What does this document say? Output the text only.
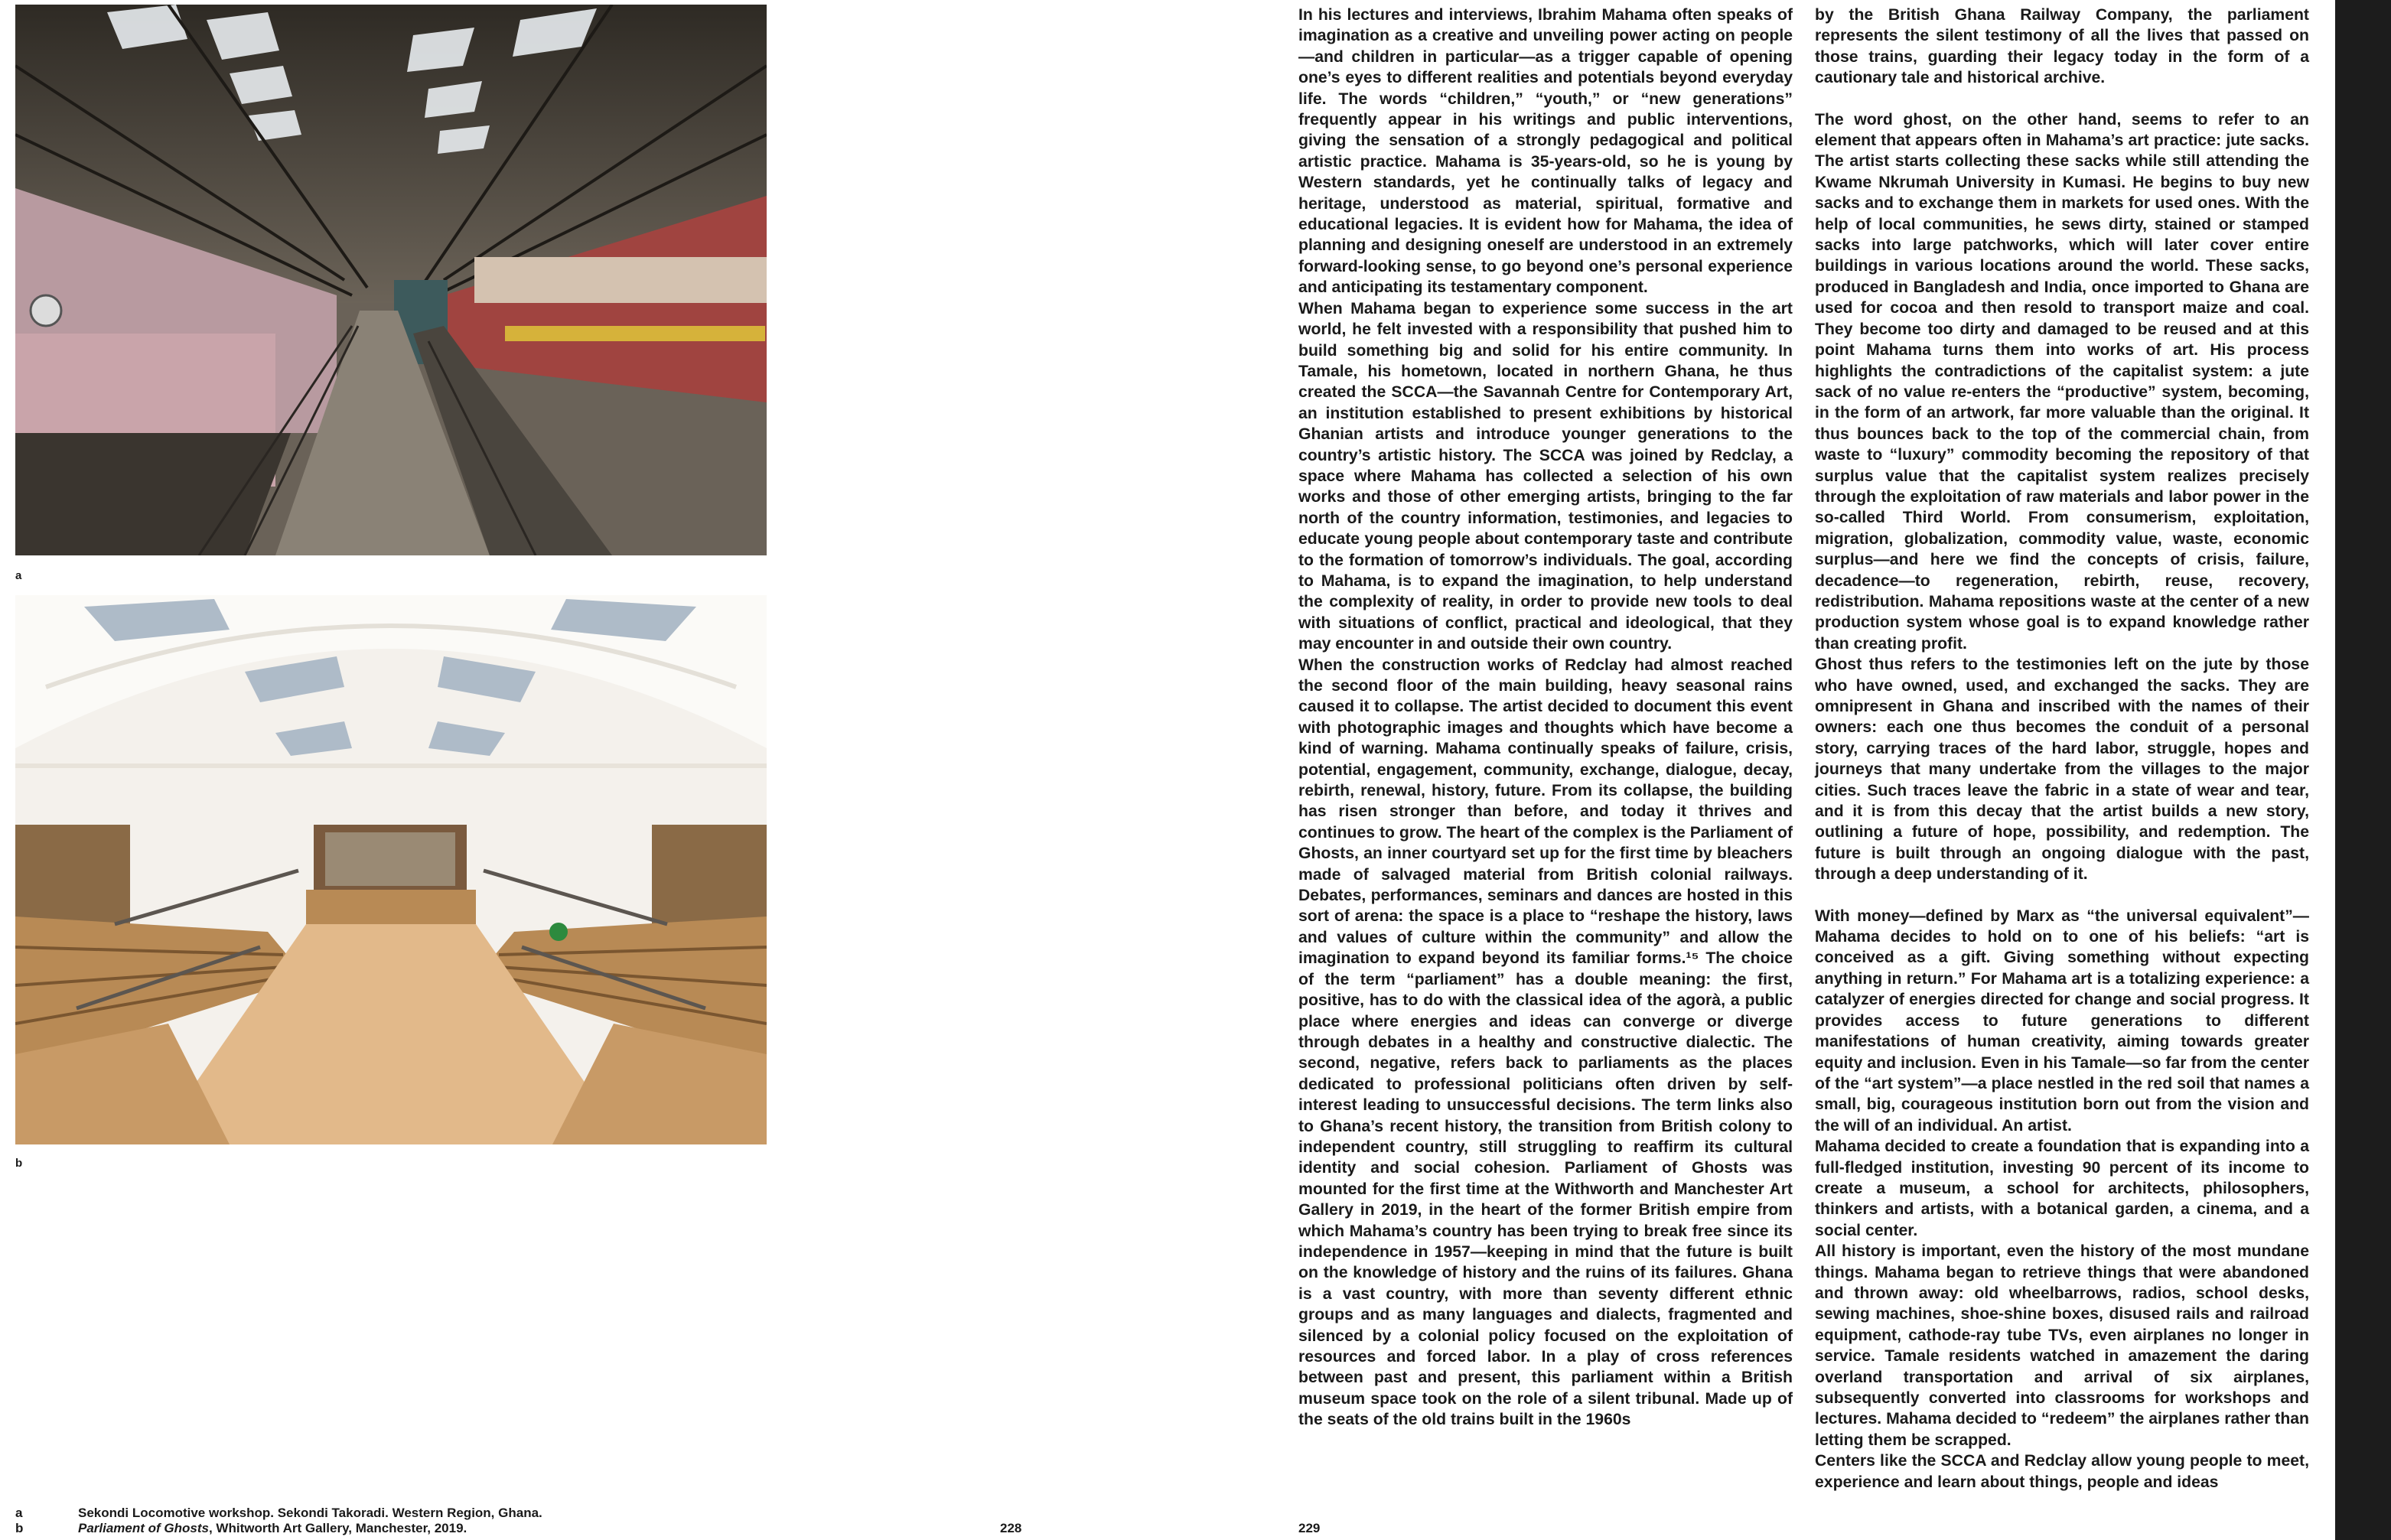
a
b
a	Sekondi Locomotive workshop. Sekondi Takoradi. Western Region, Ghana.
b	Parliament of Ghosts, Whitworth Art Gallery, Manchester, 2019.	228	229

In his lectures and interviews, Ibrahim Mahama often speaks of imagination as a creative and unveiling power acting on people—and children in particular—as a trigger capable of opening one’s eyes to different realities and potentials beyond everyday life. The words “children,” “youth,” or “new generations” frequently appear in his writings and public interventions, giving the sensation of a strongly pedagogical and political artistic practice. Mahama is 35-years-old, so he is young by Western standards, yet he continually talks of legacy and heritage, understood as material, spiritual, formative and educational legacies. It is evident how for Mahama, the idea of planning and designing oneself are understood in an extremely forward-looking sense, to go beyond one’s personal experience and anticipating its testamentary component.

When Mahama began to experience some success in the art world, he felt invested with a responsibility that pushed him to build something big and solid for his entire community. In Tamale, his hometown, located in northern Ghana, he thus created the SCCA—the Savannah Centre for Contemporary Art, an institution established to present exhibitions by historical Ghanian artists and introduce younger generations to the country’s artistic history. The SCCA was joined by Redclay, a space where Mahama has collected a selection of his own works and those of other emerging artists, bringing to the far north of the country information, testimonies, and legacies to educate young people about contemporary taste and contribute to the formation of tomorrow’s individuals. The goal, according to Mahama, is to expand the imagination, to help understand the complexity of reality, in order to provide new tools to deal with situations of conflict, practical and ideological, that they may encounter in and outside their own country.

When the construction works of Redclay had almost reached the second floor of the main building, heavy seasonal rains caused it to collapse. The artist decided to document this event with photographic images and thoughts which have become a kind of warning. Mahama continually speaks of failure, crisis, potential, engagement, community, exchange, dialogue, decay, rebirth, renewal, history, future. From its collapse, the building has risen stronger than before, and today it thrives and continues to grow. The heart of the complex is the Parliament of Ghosts, an inner courtyard set up for the first time by bleachers made of salvaged material from British colonial railways. Debates, performances, seminars and dances are hosted in this sort of arena: the space is a place to “reshape the history, laws and values of culture within the community” and allow the imagination to expand beyond its familiar forms.¹⁵ The choice of the term “parliament” has a double meaning: the first, positive, has to do with the classical idea of the agorà, a public place where energies and ideas can converge or diverge through debates in a healthy and constructive dialectic. The second, negative, refers back to parliaments as the places dedicated to professional politicians often driven by self-interest leading to unsuccessful decisions. The term links also to Ghana’s recent history, the transition from British colony to independent country, still struggling to reaffirm its cultural identity and social cohesion. Parliament of Ghosts was mounted for the first time at the Withworth and Manchester Art Gallery in 2019, in the heart of the former British empire from which Mahama’s country has been trying to break free since its independence in 1957—keeping in mind that the future is built on the knowledge of history and the ruins of its failures. Ghana is a vast country, with more than seventy different ethnic groups and as many languages and dialects, fragmented and silenced by a colonial policy focused on the exploitation of resources and forced labor. In a play of cross references between past and present, this parliament within a British museum space took on the role of a silent tribunal. Made up of the seats of the old trains built in the 1960s

by the British Ghana Railway Company, the parliament represents the silent testimony of all the lives that passed on those trains, guarding their legacy today in the form of a cautionary tale and historical archive.

The word ghost, on the other hand, seems to refer to an element that appears often in Mahama’s art practice: jute sacks. The artist starts collecting these sacks while still attending the Kwame Nkrumah University in Kumasi. He begins to buy new sacks and to exchange them in markets for used ones. With the help of local communities, he sews dirty, stained or stamped sacks into large patchworks, which will later cover entire buildings in various locations around the world. These sacks, produced in Bangladesh and India, once imported to Ghana are used for cocoa and then resold to transport maize and coal. They become too dirty and damaged to be reused and at this point Mahama turns them into works of art. His process highlights the contradictions of the capitalist system: a jute sack of no value re-enters the “productive” system, becoming, in the form of an artwork, far more valuable than the original. It thus bounces back to the top of the commercial chain, from waste to “luxury” commodity becoming the repository of that surplus value that the capitalist system realizes precisely through the exploitation of raw materials and labor power in the so-called Third World. From consumerism, exploitation, migration, globalization, commodity value, waste, economic surplus—and here we find the concepts of crisis, failure, decadence—to regeneration, rebirth, reuse, recovery, redistribution. Mahama repositions waste at the center of a new production system whose goal is to expand knowledge rather than creating profit.

Ghost thus refers to the testimonies left on the jute by those who have owned, used, and exchanged the sacks. They are omnipresent in Ghana and inscribed with the names of their owners: each one thus becomes the conduit of a personal story, carrying traces of the hard labor, struggle, hopes and journeys that many undertake from the villages to the major cities. Such traces leave the fabric in a state of wear and tear, and it is from this decay that the artist builds a new story, outlining a future of hope, possibility, and redemption. The future is built through an ongoing dialogue with the past, through a deep understanding of it.

With money—defined by Marx as “the universal equivalent”—Mahama decides to hold on to one of his beliefs: “art is conceived as a gift. Giving something without expecting anything in return.” For Mahama art is a totalizing experience: a catalyzer of energies directed for change and social progress. It provides access to future generations to different manifestations of human creativity, aiming towards greater equity and inclusion. Even in his Tamale—so far from the center of the “art system”—a place nestled in the red soil that names a small, big, courageous institution born out from the vision and the will of an individual. An artist.

Mahama decided to create a foundation that is expanding into a full-fledged institution, investing 90 percent of its income to create a museum, a school for architects, philosophers, thinkers and artists, with a botanical garden, a cinema, and a social center.

All history is important, even the history of the most mundane things. Mahama began to retrieve things that were abandoned and thrown away: old wheelbarrows, radios, school desks, sewing machines, shoe-shine boxes, disused rails and railroad equipment, cathode-ray tube TVs, even airplanes no longer in service. Tamale residents watched in amazement the daring overland transportation and arrival of six airplanes, subsequently converted into classrooms for workshops and lectures. Mahama decided to “redeem” the airplanes rather than letting them be scrapped.

Centers like the SCCA and Redclay allow young people to meet, experience and learn about things, people and ideas
